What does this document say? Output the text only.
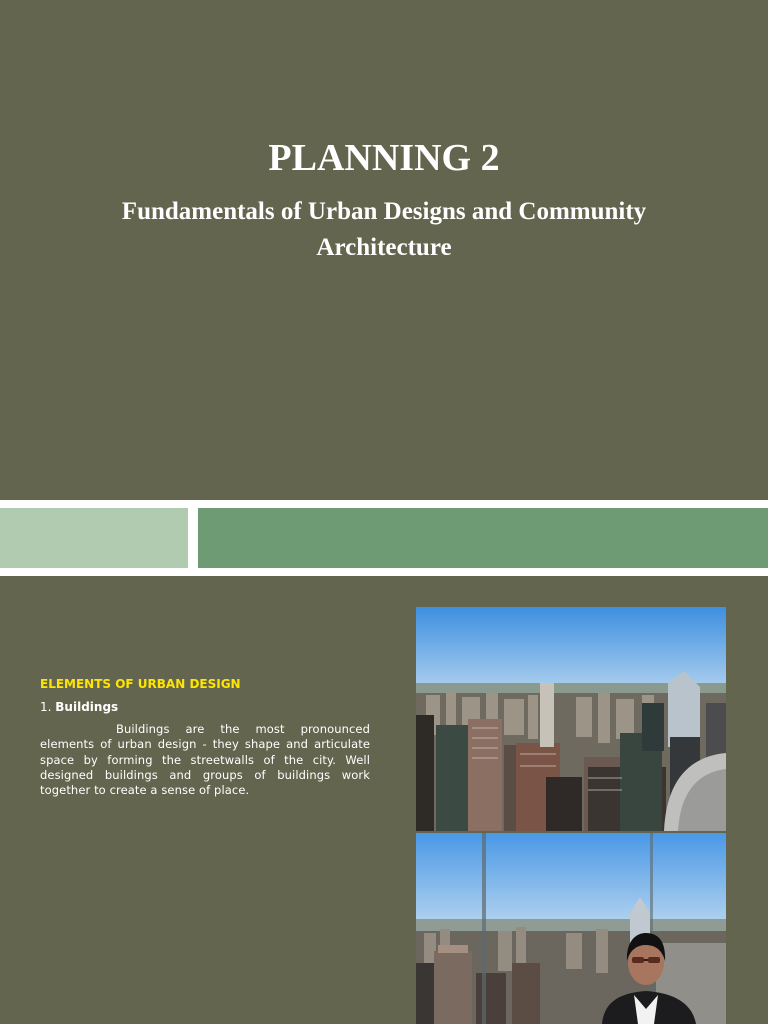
PLANNING 2
Fundamentals of Urban Designs and Community Architecture
ELEMENTS OF URBAN DESIGN
1. Buildings

Buildings are the most pronounced elements of urban design - they shape and articulate space by forming the streetwalls of the city. Well designed buildings and groups of buildings work together to create a sense of place.
